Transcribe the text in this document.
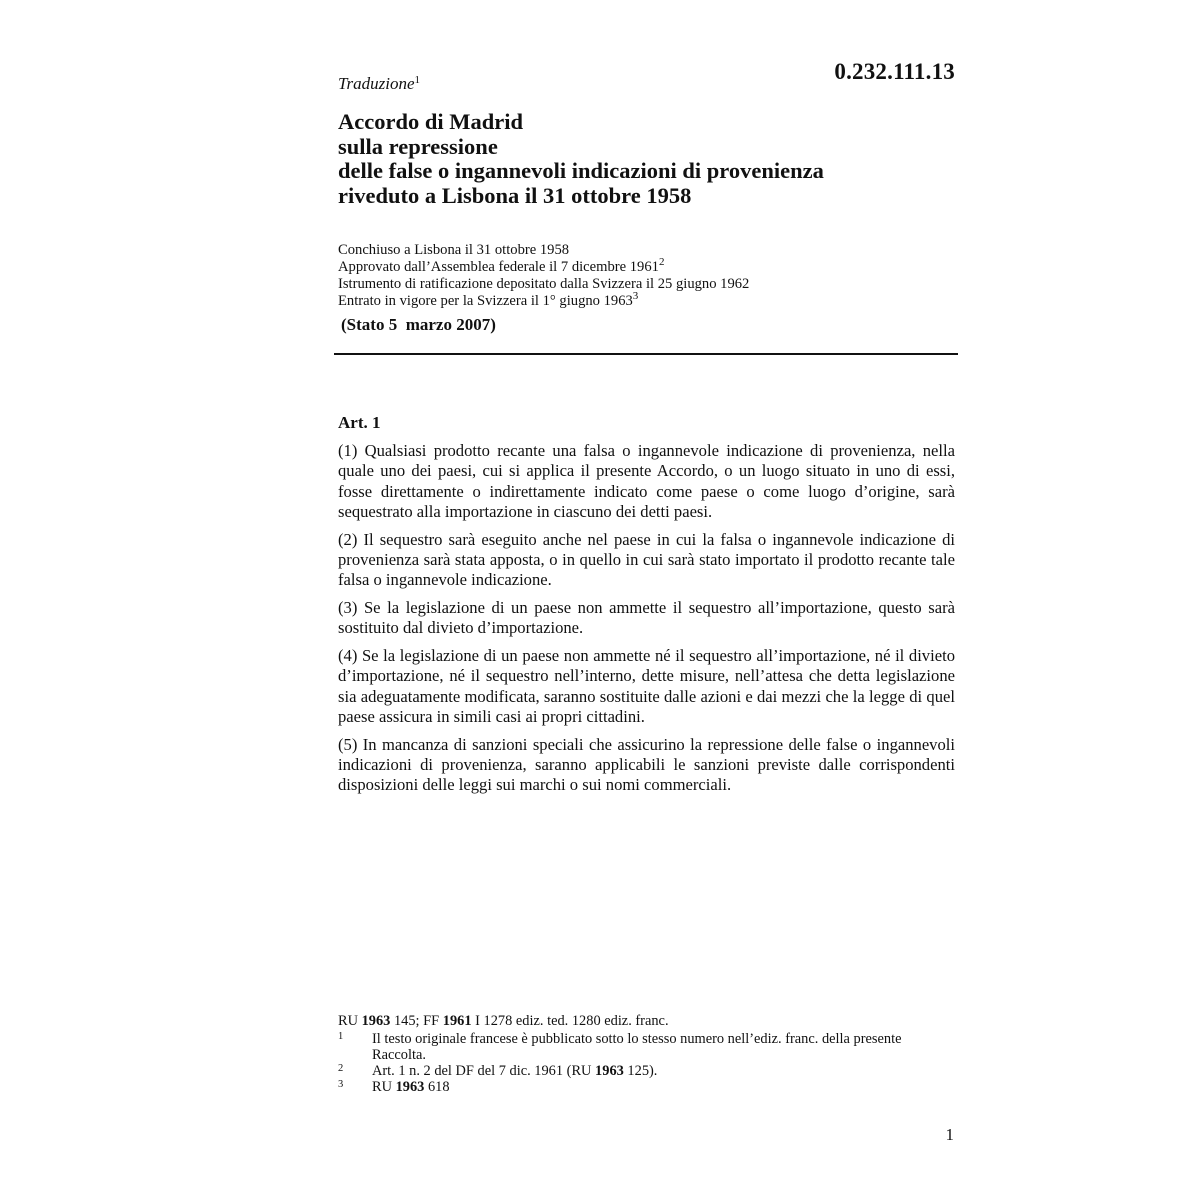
0.232.111.13
Traduzione$^1$
Accordo di Madrid
sulla repressione
delle false o ingannevoli indicazioni di provenienza
riveduto a Lisbona il 31 ottobre 1958
Conchiuso a Lisbona il 31 ottobre 1958
Approvato dall’Assemblea federale il 7 dicembre 1961$^2$
Istrumento di ratificazione depositato dalla Svizzera il 25 giugno 1962
Entrato in vigore per la Svizzera il 1° giugno 1963$^3$
(Stato 5  marzo 2007)
Art. 1

(1) Qualsiasi prodotto recante una falsa o ingannevole indicazione di provenienza, nella quale uno dei paesi, cui si applica il presente Accordo, o un luogo situato in uno di essi, fosse direttamente o indirettamente indicato come paese o come luogo d’origine, sarà sequestrato alla importazione in ciascuno dei detti paesi.

(2) Il sequestro sarà eseguito anche nel paese in cui la falsa o ingannevole indicazione di provenienza sarà stata apposta, o in quello in cui sarà stato importato il prodotto recante tale falsa o ingannevole indicazione.

(3) Se la legislazione di un paese non ammette il sequestro all’importazione, questo sarà sostituito dal divieto d’importazione.

(4) Se la legislazione di un paese non ammette né il sequestro all’importazione, né il divieto d’importazione, né il sequestro nell’interno, dette misure, nell’attesa che detta legislazione sia adeguatamente modificata, saranno sostituite dalle azioni e dai mezzi che la legge di quel paese assicura in simili casi ai propri cittadini.

(5) In mancanza di sanzioni speciali che assicurino la repressione delle false o ingannevoli indicazioni di provenienza, saranno applicabili le sanzioni previste dalle corrispondenti disposizioni delle leggi sui marchi o sui nomi commerciali.

RU 1963 145; FF 1961 I 1278 ediz. ted. 1280 ediz. franc.
1	Il testo originale francese è pubblicato sotto lo stesso numero nell’ediz. franc. della presente Raccolta.
2	Art. 1 n. 2 del DF del 7 dic. 1961 (RU 1963 125).
3	RU 1963 618
1
